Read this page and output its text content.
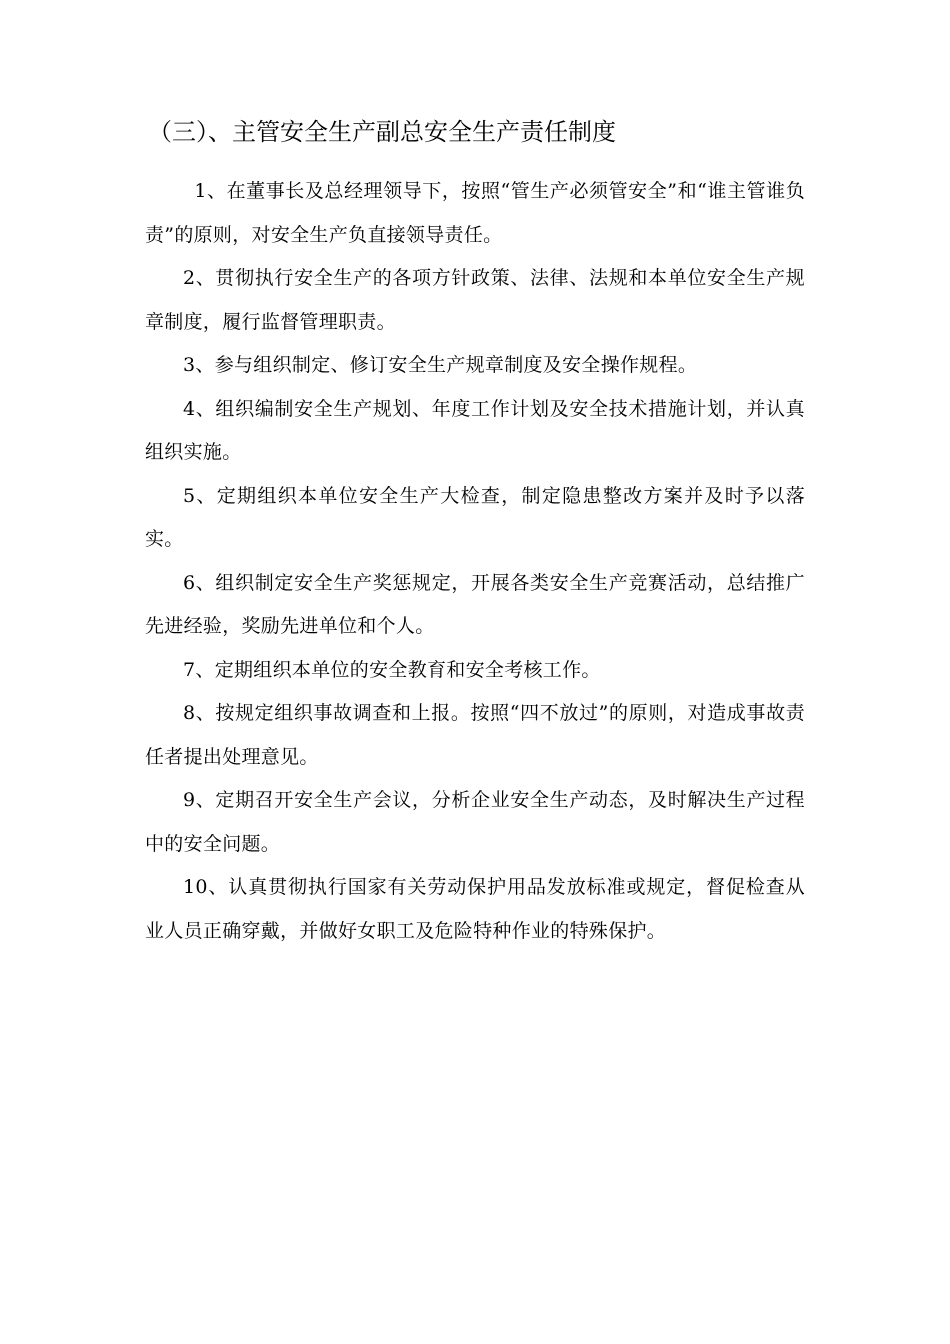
（三）、主管安全生产副总安全生产责任制度

1、在董事长及总经理领导下，按照“管生产必须管安全”和“谁主管谁负责”的原则，对安全生产负直接领导责任。

2、贯彻执行安全生产的各项方针政策、法律、法规和本单位安全生产规章制度，履行监督管理职责。

3、参与组织制定、修订安全生产规章制度及安全操作规程。

4、组织编制安全生产规划、年度工作计划及安全技术措施计划，并认真组织实施。

5、定期组织本单位安全生产大检查，制定隐患整改方案并及时予以落实。

6、组织制定安全生产奖惩规定，开展各类安全生产竞赛活动，总结推广先进经验，奖励先进单位和个人。

7、定期组织本单位的安全教育和安全考核工作。

8、按规定组织事故调查和上报。按照“四不放过”的原则，对造成事故责任者提出处理意见。

9、定期召开安全生产会议，分析企业安全生产动态，及时解决生产过程中的安全问题。

10、认真贯彻执行国家有关劳动保护用品发放标准或规定，督促检查从业人员正确穿戴，并做好女职工及危险特种作业的特殊保护。
